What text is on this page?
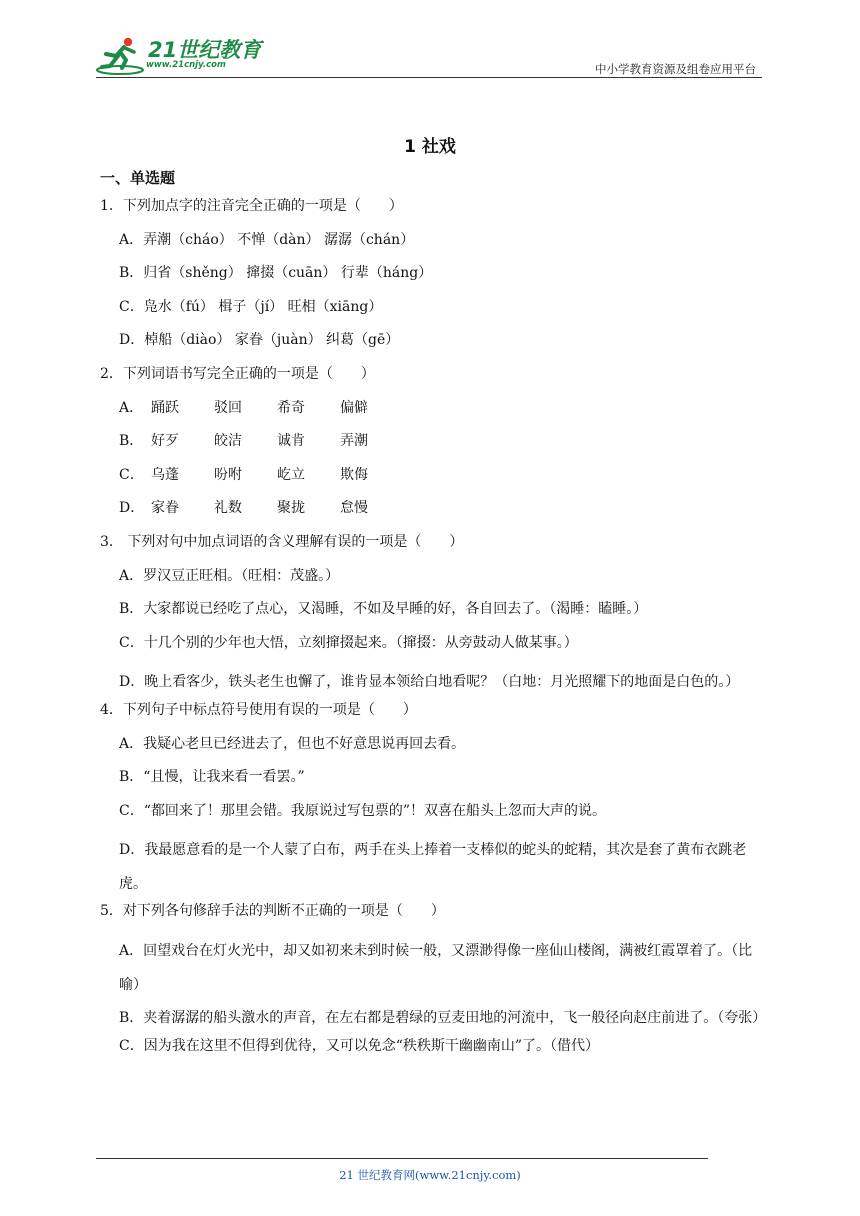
21世纪教育
www.21cnjy.com	中小学教育资源及组卷应用平台
1 社戏
一、单选题
1．下列加点字的注音完全正确的一项是（　　）
A．弄潮（cháo） 不惮（dàn） 潺潺（chán）
B．归省（shěng） 撺掇（cuān） 行辈（háng）
C．凫水（fú） 楫子（jí） 旺相（xiāng）
D．棹船（diào） 家眷（juàn） 纠葛（gē）
2．下列词语书写完全正确的一项是（　　）
A． 踊跃	驳回	希奇	偏僻
B． 好歹	皎洁	诚肯	弄潮
C． 乌蓬	吩咐	屹立	欺侮
D． 家眷	礼数	聚拢	怠慢
3． 下列对句中加点词语的含义理解有误的一项是（　　）
A．罗汉豆正旺相。（旺相：茂盛。）
B．大家都说已经吃了点心，又渴睡，不如及早睡的好，各自回去了。（渴睡：瞌睡。）
C．十几个别的少年也大悟，立刻撺掇起来。（撺掇：从旁鼓动人做某事。）
D．晚上看客少，铁头老生也懈了，谁肯显本领给白地看呢？（白地：月光照耀下的地面是白色的。）
4．下列句子中标点符号使用有误的一项是（　　）
A．我疑心老旦已经进去了，但也不好意思说再回去看。
B．“且慢，让我来看一看罢。”
C．“都回来了！那里会错。我原说过写包票的”！双喜在船头上忽而大声的说。
D．我最愿意看的是一个人蒙了白布，两手在头上捧着一支棒似的蛇头的蛇精，其次是套了黄布衣跳老虎。
5．对下列各句修辞手法的判断不正确的一项是（　　）
A．回望戏台在灯火光中，却又如初来未到时候一般，又漂渺得像一座仙山楼阁，满被红霞罩着了。（比喻）
B．夹着潺潺的船头激水的声音，在左右都是碧绿的豆麦田地的河流中，飞一般径向赵庄前进了。（夸张）
C．因为我在这里不但得到优待，又可以免念“秩秩斯干幽幽南山”了。（借代）
21 世纪教育网(www.21cnjy.com)
